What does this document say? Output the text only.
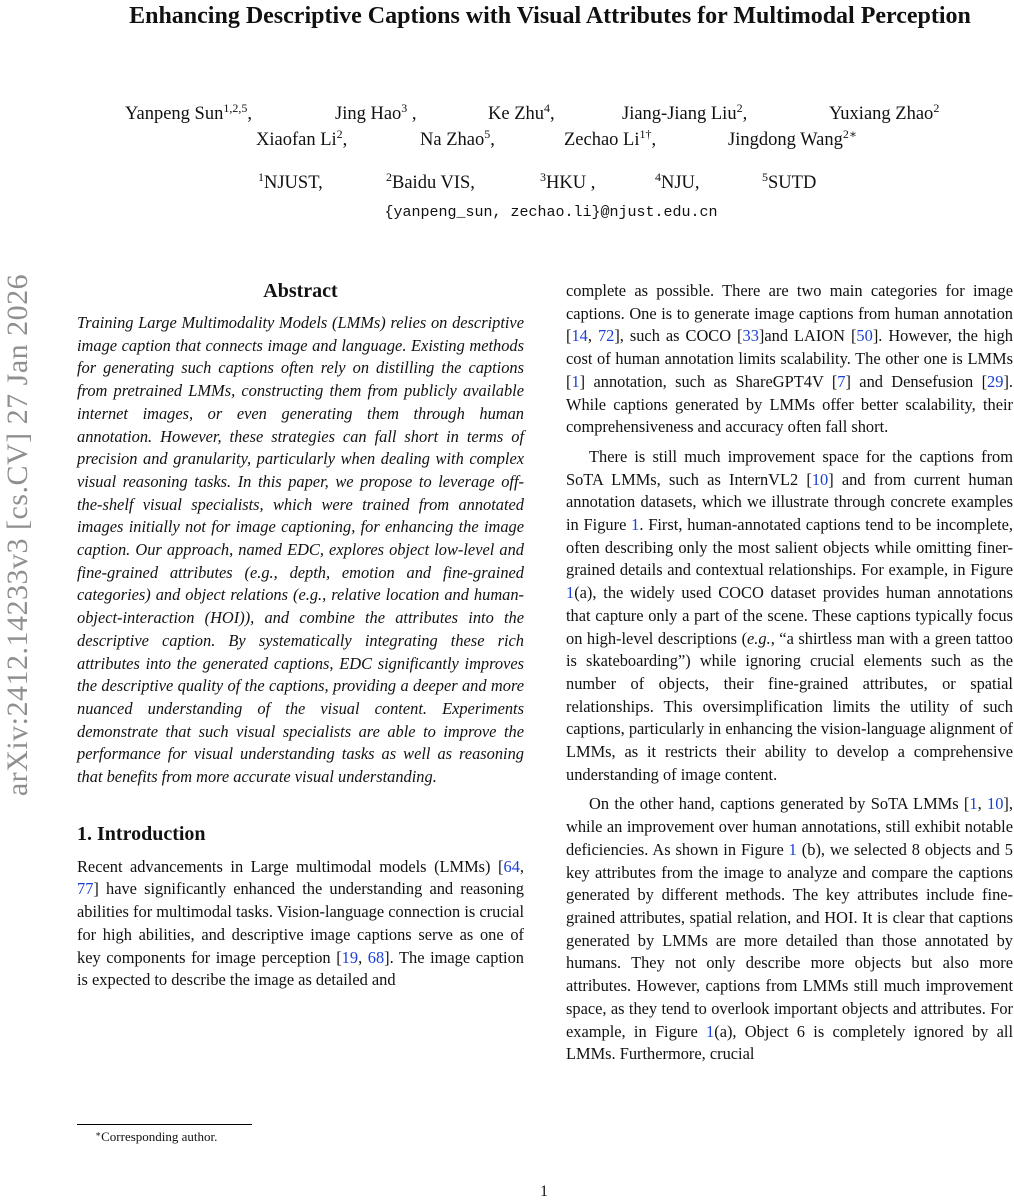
arXiv:2412.14233v3 [cs.CV] 27 Jan 2026
Enhancing Descriptive Captions with Visual Attributes for Multimodal Perception
Yanpeng Sun$^{1,2,5}$,	Jing Hao$^3$ ,	Ke Zhu$^4$,	Jiang-Jiang Liu$^2$,	Yuxiang Zhao$^2$
Xiaofan Li$^2$,	Na Zhao$^5$,	Zechao $Li^{1\dagger}$,	Jingdong Wang$^{2∗}$
$^1$NJUST,	$^2$Baidu VIS,	$^3$HKU ,	$^4$NJU,	$^5$SUTD
{yanpeng_sun, zechao.li}@njust.edu.cn
Abstract

Training Large Multimodality Models (LMMs) relies on descriptive image caption that connects image and language. Existing methods for generating such captions often rely on distilling the captions from pretrained LMMs, constructing them from publicly available internet images, or even generating them through human annotation. However, these strategies can fall short in terms of precision and granularity, particularly when dealing with complex visual reasoning tasks. In this paper, we propose to leverage off-the-shelf visual specialists, which were trained from annotated images initially not for image captioning, for enhancing the image caption. Our approach, named EDC, explores object low-level and fine-grained attributes (e.g., depth, emotion and fine-grained categories) and object relations (e.g., relative location and human-object-interaction (HOI)), and combine the attributes into the descriptive caption. By systematically integrating these rich attributes into the generated captions, EDC significantly improves the descriptive quality of the captions, providing a deeper and more nuanced understanding of the visual content. Experiments demonstrate that such visual specialists are able to improve the performance for visual understanding tasks as well as reasoning that benefits from more accurate visual understanding.

1. Introduction

Recent advancements in Large multimodal models (LMMs) [64, 77] have significantly enhanced the understanding and reasoning abilities for multimodal tasks. Vision-language connection is crucial for high abilities, and descriptive image captions serve as one of key components for image perception [19, 68]. The image caption is expected to describe the image as detailed and

complete as possible. There are two main categories for image captions. One is to generate image captions from human annotation [14, 72], such as COCO [33]and LAION [50]. However, the high cost of human annotation limits scalability. The other one is LMMs [1] annotation, such as ShareGPT4V [7] and Densefusion [29]. While captions generated by LMMs offer better scalability, their comprehensiveness and accuracy often fall short.

There is still much improvement space for the captions from SoTA LMMs, such as InternVL2 [10] and from current human annotation datasets, which we illustrate through concrete examples in Figure 1. First, human-annotated captions tend to be incomplete, often describing only the most salient objects while omitting finer-grained details and contextual relationships. For example, in Figure 1(a), the widely used COCO dataset provides human annotations that capture only a part of the scene. These captions typically focus on high-level descriptions (e.g., “a shirtless man with a green tattoo is skateboarding”) while ignoring crucial elements such as the number of objects, their fine-grained attributes, or spatial relationships. This oversimplification limits the utility of such captions, particularly in enhancing the vision-language alignment of LMMs, as it restricts their ability to develop a comprehensive understanding of image content.

On the other hand, captions generated by SoTA LMMs [1, 10], while an improvement over human annotations, still exhibit notable deficiencies. As shown in Figure 1 (b), we selected 8 objects and 5 key attributes from the image to analyze and compare the captions generated by different methods. The key attributes include fine-grained attributes, spatial relation, and HOI. It is clear that captions generated by LMMs are more detailed than those annotated by humans. They not only describe more objects but also more attributes. However, captions from LMMs still much improvement space, as they tend to overlook important objects and attributes. For example, in Figure 1(a), Object 6 is completely ignored by all LMMs. Furthermore, crucial

∗Corresponding author.
1
